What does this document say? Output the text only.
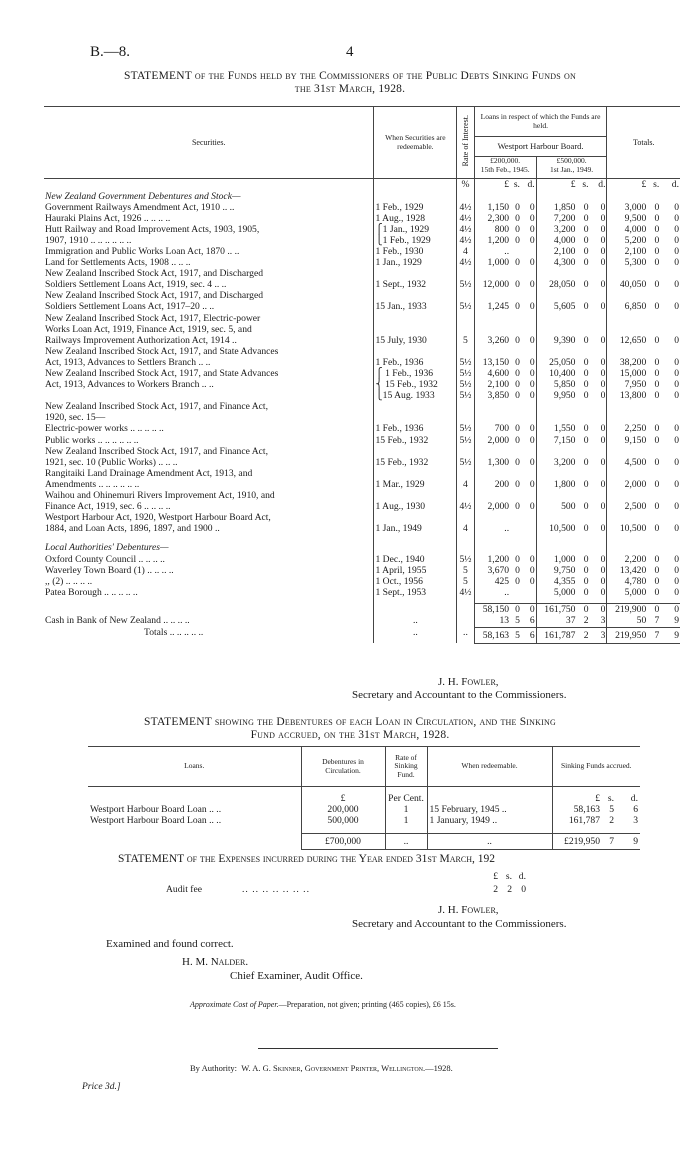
B.—8.	4
STATEMENT of the Funds held by the Commissioners of the Public Debts Sinking Funds on
the 31st March, 1928.
Securities.	When Securities are redeemable.	Rate of Interest.	Loans in respect of which the Funds are held.						Totals.		
			Westport Harbour Board.								
			£200,000.
15th Feb., 1945.			£500,000.
1st Jan., 1949.					
		%	£	s.	d.	£	s.	d.	£	s.	d.
New Zealand Government Debentures and Stock—											
Government Railways Amendment Act, 1910 .. ..	1 Feb., 1929	4½	1,150	0	0	1,850	0	0	3,000	0	0
Hauraki Plains Act, 1926 .. .. .. ..	1 Aug., 1928	4½	2,300	0	0	7,200	0	0	9,500	0	0
Hutt Railway and Road Improvement Acts, 1903, 1905,	⎧1 Jan., 1929	4½	800	0	0	3,200	0	0	4,000	0	0
1907, 1910 .. .. .. .. .. ..	⎩1 Feb., 1929	4½	1,200	0	0	4,000	0	0	5,200	0	0
Immigration and Public Works Loan Act, 1870 .. ..	1 Feb., 1930	4	..			2,100	0	0	2,100	0	0
Land for Settlements Acts, 1908 .. .. ..	1 Jan., 1929	4½	1,000	0	0	4,300	0	0	5,300	0	0
New Zealand Inscribed Stock Act, 1917, and Discharged											
Soldiers Settlement Loans Act, 1919, sec. 4 .. ..	1 Sept., 1932	5½	12,000	0	0	28,050	0	0	40,050	0	0
New Zealand Inscribed Stock Act, 1917, and Discharged											
Soldiers Settlement Loans Act, 1917–20 .. ..	15 Jan., 1933	5½	1,245	0	0	5,605	0	0	6,850	0	0
New Zealand Inscribed Stock Act, 1917, Electric-power											
Works Loan Act, 1919, Finance Act, 1919, sec. 5, and											
Railways Improvement Authorization Act, 1914 ..	15 July, 1930	5	3,260	0	0	9,390	0	0	12,650	0	0
New Zealand Inscribed Stock Act, 1917, and State Advances											
Act, 1913, Advances to Settlers Branch .. ..	1 Feb., 1936	5½	13,150	0	0	25,050	0	0	38,200	0	0
New Zealand Inscribed Stock Act, 1917, and State Advances	⎧ 1 Feb., 1936	5½	4,600	0	0	10,400	0	0	15,000	0	0
Act, 1913, Advances to Workers Branch .. ..	⎨ 15 Feb., 1932	5½	2,100	0	0	5,850	0	0	7,950	0	0
	⎩15 Aug. 1933	5½	3,850	0	0	9,950	0	0	13,800	0	0
New Zealand Inscribed Stock Act, 1917, and Finance Act,											
1920, sec. 15—											
Electric-power works .. .. .. .. ..	1 Feb., 1936	5½	700	0	0	1,550	0	0	2,250	0	0
Public works .. .. .. .. .. ..	15 Feb., 1932	5½	2,000	0	0	7,150	0	0	9,150	0	0
New Zealand Inscribed Stock Act, 1917, and Finance Act,											
1921, sec. 10 (Public Works) .. .. ..	15 Feb., 1932	5½	1,300	0	0	3,200	0	0	4,500	0	0
Rangitaiki Land Drainage Amendment Act, 1913, and											
Amendments .. .. .. .. .. ..	1 Mar., 1929	4	200	0	0	1,800	0	0	2,000	0	0
Waihou and Ohinemuri Rivers Improvement Act, 1910, and											
Finance Act, 1919, sec. 6 .. .. .. ..	1 Aug., 1930	4½	2,000	0	0	500	0	0	2,500	0	0
Westport Harbour Act, 1920, Westport Harbour Board Act,											
1884, and Loan Acts, 1896, 1897, and 1900 ..	1 Jan., 1949	4	..			10,500	0	0	10,500	0	0

Local Authorities' Debentures—											
Oxford County Council .. .. .. ..	1 Dec., 1940	5½	1,200	0	0	1,000	0	0	2,200	0	0
Waverley Town Board (1) .. .. .. ..	1 April, 1955	5	3,670	0	0	9,750	0	0	13,420	0	0
,, (2) .. .. .. ..	1 Oct., 1956	5	425	0	0	4,355	0	0	4,780	0	0
Patea Borough .. .. .. .. ..	1 Sept., 1953	4½	..			5,000	0	0	5,000	0	0

			58,150	0	0	161,750	0	0	219,900	0	0
Cash in Bank of New Zealand .. .. .. ..	..		13	5	6	37	2	3	50	7	9
Totals .. .. .. .. ..	..	..	58,163	5	6	161,787	2	3	219,950	7	9
J. H. Fowler,
Secretary and Accountant to the Commissioners.
STATEMENT showing the Debentures of each Loan in Circulation, and the Sinking
Fund accrued, on the 31st March, 1928.
Loans.	Debentures in Circulation.	Rate of Sinking Fund.	When redeemable.	Sinking Funds accrued.		

	£	Per Cent.		£	s.	d.
Westport Harbour Board Loan .. ..	200,000	1	15 February, 1945 ..	58,163	5	6
Westport Harbour Board Loan .. ..	500,000	1	1 January, 1949 ..	161,787	2	3

	£700,000	..	..	£219,950	7	9
STATEMENT of the Expenses incurred during the Year ended 31st March, 192
£ s. d.
Audit fee	.. .. .. .. .. .. ..	2 2 0
J. H. Fowler,
Secretary and Accountant to the Commissioners.
Examined and found correct.
H. M. Nalder.
Chief Examiner, Audit Office.
Approximate Cost of Paper.—Preparation, not given; printing (465 copies), £6 15s.
By Authority: W. A. G. Skinner, Government Printer, Wellington.—1928.
Price 3d.]
